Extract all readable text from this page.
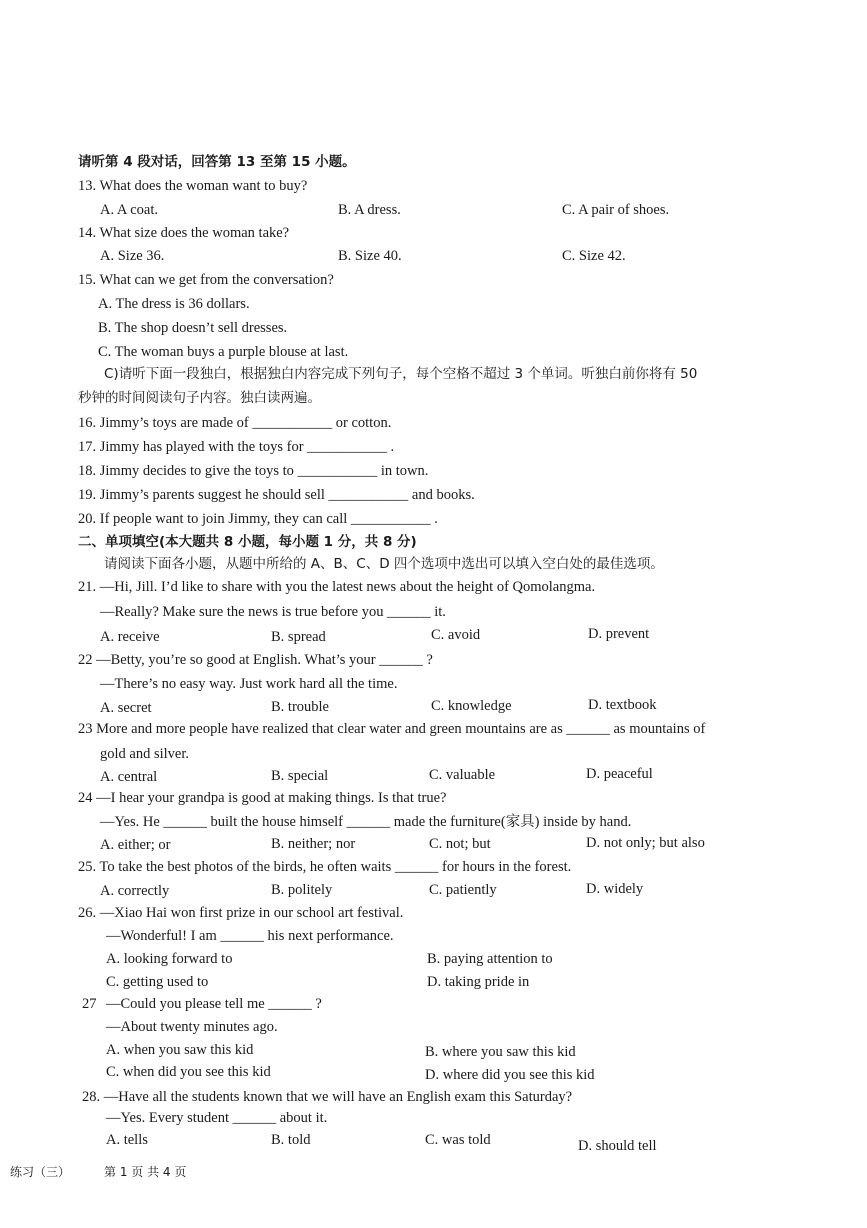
请听第 4 段对话，回答第 13 至第 15 小题。
13. What does the woman want to buy?
A. A coat.	B. A dress.	C. A pair of shoes.
14. What size does the woman take?
A. Size 36.	B. Size 40.	C. Size 42.
15. What can we get from the conversation?
A. The dress is 36 dollars.
B. The shop doesn’t sell dresses.
C. The woman buys a purple blouse at last.
C)请听下面一段独白，根据独白内容完成下列句子，每个空格不超过 3 个单词。听独白前你将有 50
秒钟的时间阅读句子内容。独白读两遍。
16. Jimmy’s toys are made of ___________ or cotton.
17. Jimmy has played with the toys for ___________ .
18. Jimmy decides to give the toys to ___________ in town.
19. Jimmy’s parents suggest he should sell ___________ and books.
20. If people want to join Jimmy, they can call ___________ .
二、单项填空(本大题共 8 小题，每小题 1 分，共 8 分)
请阅读下面各小题，从题中所给的 A、B、C、D 四个选项中选出可以填入空白处的最佳选项。
21. —Hi, Jill. I’d like to share with you the latest news about the height of Qomolangma.
—Really? Make sure the news is true before you ______ it.
A. receive	B. spread	C. avoid	D. prevent
22 —Betty, you’re so good at English. What’s your ______ ?
—There’s no easy way. Just work hard all the time.
A. secret	B. trouble	C. knowledge	D. textbook
23 More and more people have realized that clear water and green mountains are as ______ as mountains of
gold and silver.
A. central	B. special	C. valuable	D. peaceful
24 —I hear your grandpa is good at making things. Is that true?
—Yes. He ______ built the house himself ______ made the furniture(家具) inside by hand.
A. either; or	B. neither; nor	C. not; but	D. not only; but also
25. To take the best photos of the birds, he often waits ______ for hours in the forest.
A. correctly	B. politely	C. patiently	D. widely
26. —Xiao Hai won first prize in our school art festival.
—Wonderful! I am ______ his next performance.
A. looking forward to	B. paying attention to
C. getting used to	D. taking pride in
27 —Could you please tell me ______ ?
—About twenty minutes ago.
A. when you saw this kid	B. where you saw this kid
C. when did you see this kid	D. where did you see this kid
28. —Have all the students known that we will have an English exam this Saturday?
—Yes. Every student ______ about it.
A. tells	B. told	C. was told	D. should tell
练习（三）	第 1 页 共 4 页
